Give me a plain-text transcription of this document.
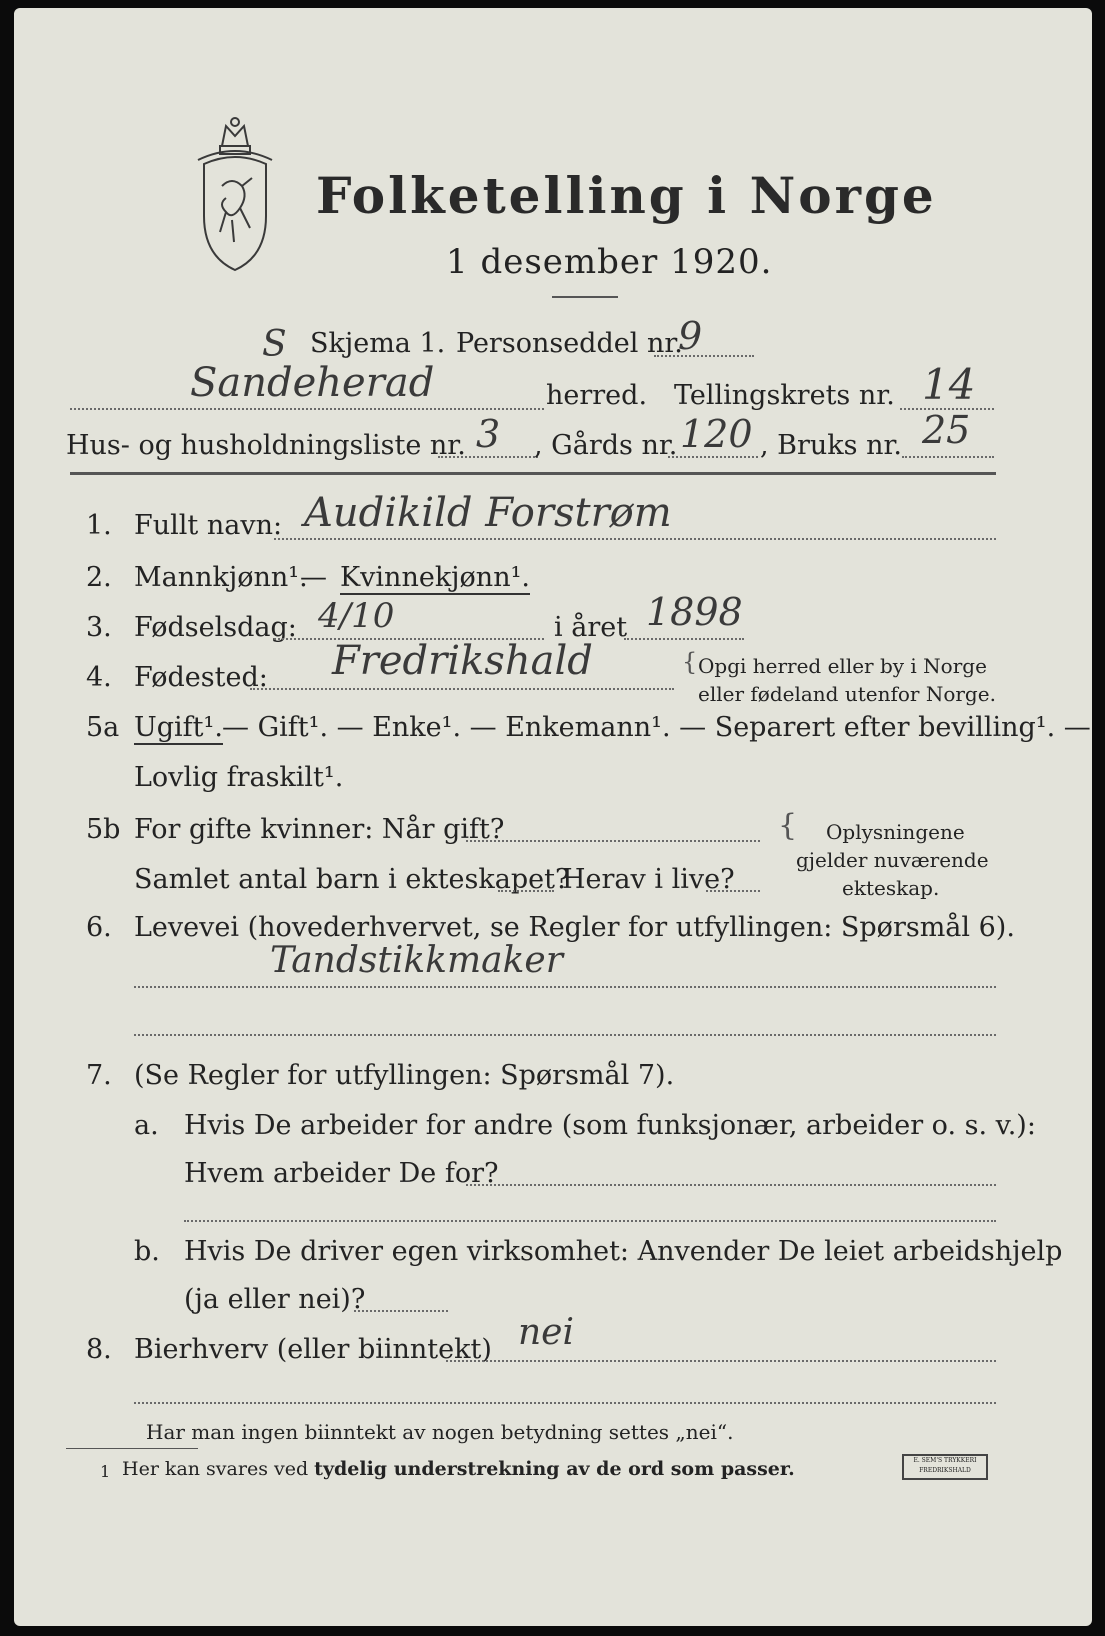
Folketelling i Norge
1 desember 1920.
S Skjema 1. Personseddel nr.
9
Sandeherad	herred. Tellingskrets nr. 14
Hus- og husholdningsliste nr. 3 , Gårds nr. 120 , Bruks nr. 25
1. Fullt navn: Audikild Forstrøm
2. Mannkjønn¹.
— Kvinnekjønn¹.
3. Fødselsdag: 4/10	i året 1898
4. Fødested: Fredrikshald	{ Opgi herred eller by i Norge
eller fødeland utenfor Norge.
5a Ugift¹. — Gift¹. — Enke¹. — Enkemann¹. — Separert efter bevilling¹. —
Lovlig fraskilt¹.
5b For gifte kvinner: Når gift?
Samlet antal barn i ekteskapet?
Herav i live?
{ Oplysningene
gjelder nuværende
ekteskap.
6. Levevei (hovederhvervet, se Regler for utfyllingen: Spørsmål 6).
Tandstikkmaker
7. (Se Regler for utfyllingen: Spørsmål 7).
a. Hvis De arbeider for andre (som funksjonær, arbeider o. s. v.):
Hvem arbeider De for?
b. Hvis De driver egen virksomhet: Anvender De leiet arbeidshjelp
(ja eller nei)?
8. Bierhverv (eller biinntekt) nei
Har man ingen biinntekt av nogen betydning settes „nei“.
1 Her kan svares ved tydelig understrekning av de ord som passer.	E. SEM'S TRYKKERI FREDRIKSHALD
